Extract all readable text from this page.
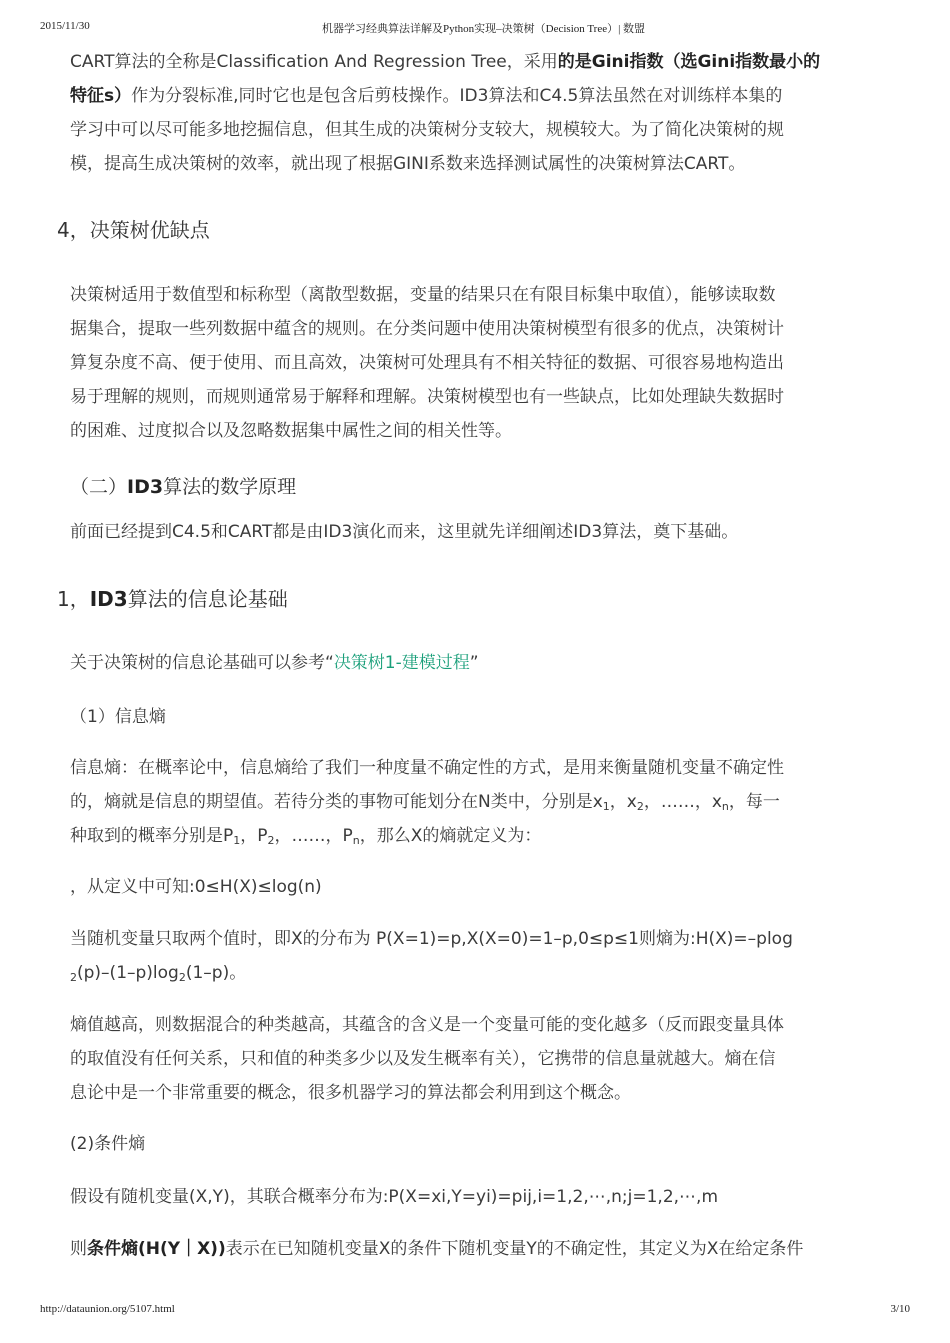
2015/11/30	机器学习经典算法详解及Python实现–决策树（Decision Tree）| 数盟
CART算法的全称是Classification And Regression Tree，采用的是Gini指数（选Gini指数最小的
特征s）作为分裂标准,同时它也是包含后剪枝操作。ID3算法和C4.5算法虽然在对训练样本集的
学习中可以尽可能多地挖掘信息，但其生成的决策树分支较大，规模较大。为了简化决策树的规
模，提高生成决策树的效率，就出现了根据GINI系数来选择测试属性的决策树算法CART。
4，决策树优缺点
决策树适用于数值型和标称型（离散型数据，变量的结果只在有限目标集中取值），能够读取数
据集合，提取一些列数据中蕴含的规则。在分类问题中使用决策树模型有很多的优点，决策树计
算复杂度不高、便于使用、而且高效，决策树可处理具有不相关特征的数据、可很容易地构造出
易于理解的规则，而规则通常易于解释和理解。决策树模型也有一些缺点，比如处理缺失数据时
的困难、过度拟合以及忽略数据集中属性之间的相关性等。
（二）ID3算法的数学原理
前面已经提到C4.5和CART都是由ID3演化而来，这里就先详细阐述ID3算法，奠下基础。
1，ID3算法的信息论基础
关于决策树的信息论基础可以参考“决策树1-建模过程”
（1）信息熵
信息熵：在概率论中，信息熵给了我们一种度量不确定性的方式，是用来衡量随机变量不确定性
的，熵就是信息的期望值。若待分类的事物可能划分在N类中，分别是$x_1$，$x_2$，……，$x_n$，每一
种取到的概率分别是$P_1$，$P_2$，……，$P_n$，那么X的熵就定义为：
，从定义中可知:0≤H(X)≤log(n)
当随机变量只取两个值时，即X的分布为 P(X=1)=p,X(X=0)=1–p,0≤p≤1则熵为:H(X)=–plog
$_2(p)-(1-p)\log_2(1-p)$。
熵值越高，则数据混合的种类越高，其蕴含的含义是一个变量可能的变化越多（反而跟变量具体
的取值没有任何关系，只和值的种类多少以及发生概率有关），它携带的信息量就越大。熵在信
息论中是一个非常重要的概念，很多机器学习的算法都会利用到这个概念。
(2)条件熵
假设有随机变量(X,Y)，其联合概率分布为:P(X=xi,Y=yi)=pij,i=1,2,⋯,n;j=1,2,⋯,m
则条件熵(H(Y｜X))表示在已知随机变量X的条件下随机变量Y的不确定性，其定义为X在给定条件
http://dataunion.org/5107.html	3/10
